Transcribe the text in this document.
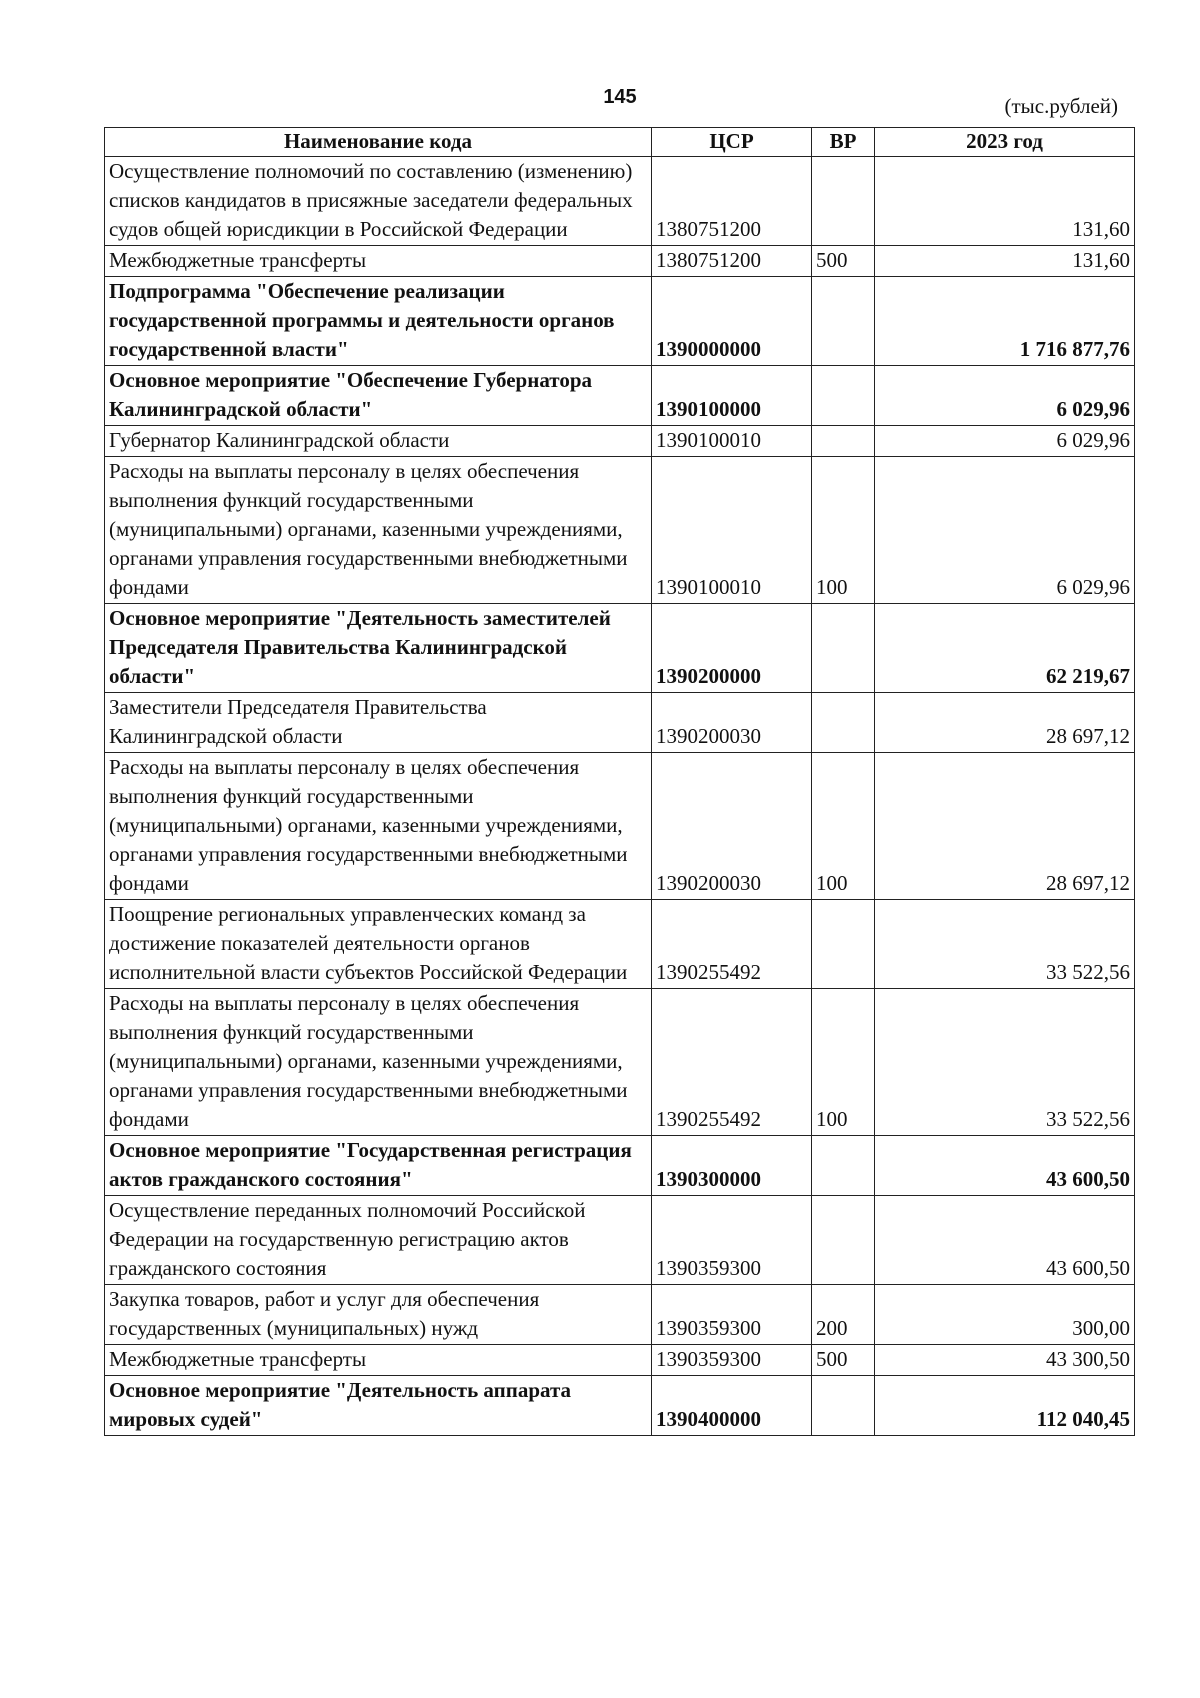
145	(тыс.рублей)
Наименование кода	ЦСР	ВР	2023 год
Осуществление полномочий по составлению (изменению) списков кандидатов в присяжные заседатели федеральных судов общей юрисдикции в Российской Федерации	1380751200		131,60
Межбюджетные трансферты	1380751200	500	131,60
Подпрограмма "Обеспечение реализации государственной программы и деятельности органов государственной власти"	1390000000		1 716 877,76
Основное мероприятие "Обеспечение Губернатора Калининградской области"	1390100000		6 029,96
Губернатор Калининградской области	1390100010		6 029,96
Расходы на выплаты персоналу в целях обеспечения выполнения функций государственными (муниципальными) органами, казенными учреждениями, органами управления государственными внебюджетными фондами	1390100010	100	6 029,96
Основное мероприятие "Деятельность заместителей Председателя Правительства Калининградской области"	1390200000		62 219,67
Заместители Председателя Правительства Калининградской области	1390200030		28 697,12
Расходы на выплаты персоналу в целях обеспечения выполнения функций государственными (муниципальными) органами, казенными учреждениями, органами управления государственными внебюджетными фондами	1390200030	100	28 697,12
Поощрение региональных управленческих команд за достижение показателей деятельности органов исполнительной власти субъектов Российской Федерации	1390255492		33 522,56
Расходы на выплаты персоналу в целях обеспечения выполнения функций государственными (муниципальными) органами, казенными учреждениями, органами управления государственными внебюджетными фондами	1390255492	100	33 522,56
Основное мероприятие "Государственная регистрация актов гражданского состояния"	1390300000		43 600,50
Осуществление переданных полномочий Российской Федерации на государственную регистрацию актов гражданского состояния	1390359300		43 600,50
Закупка товаров, работ и услуг для обеспечения государственных (муниципальных) нужд	1390359300	200	300,00
Межбюджетные трансферты	1390359300	500	43 300,50
Основное мероприятие "Деятельность аппарата мировых судей"	1390400000		112 040,45
